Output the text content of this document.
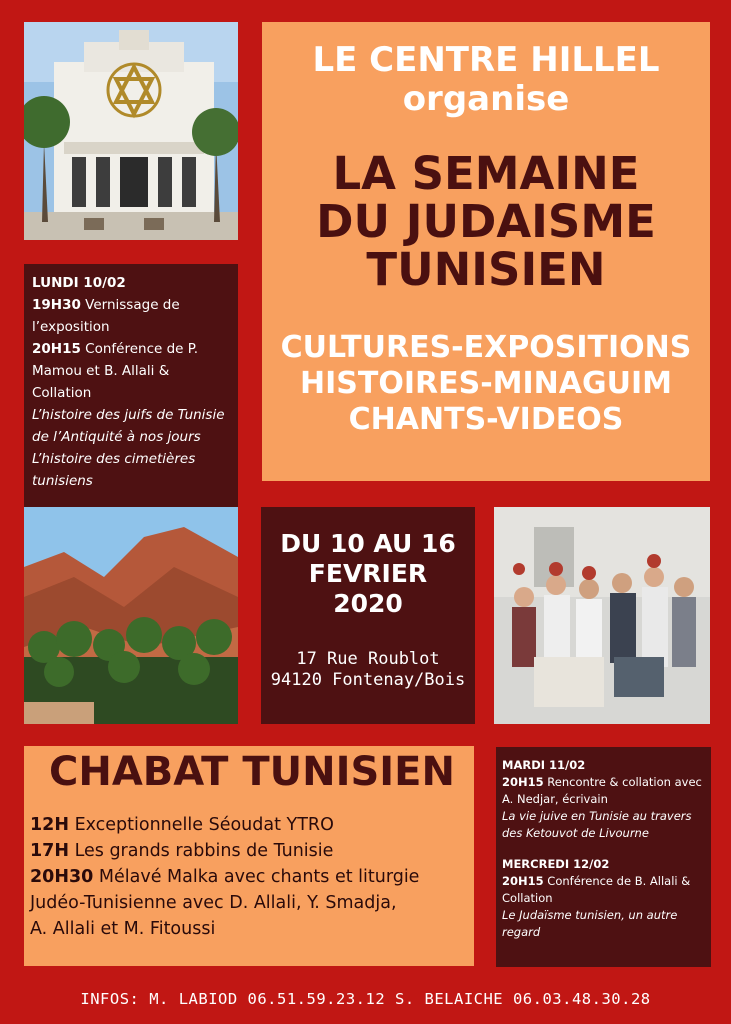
LE CENTRE HILLEL
organise
LA SEMAINE
DU JUDAISME
TUNISIEN
CULTURES-EXPOSITIONS
HISTOIRES-MINAGUIM
CHANTS-VIDEOS
LUNDI 10/02
19H30 Vernissage de l’exposition
20H15 Conférence de P. Mamou et B. Allali & Collation
L’histoire des juifs de Tunisie de l’Antiquité à nos jours
L’histoire des cimetières tunisiens
DU 10 AU 16
FEVRIER
2020
17 Rue Roublot
94120 Fontenay/Bois
CHABAT TUNISIEN
12H Exceptionnelle Séoudat YTRO
17H Les grands rabbins de Tunisie
20H30 Mélavé Malka avec chants et liturgie
Judéo-Tunisienne avec D. Allali, Y. Smadja,
A. Allali et M. Fitoussi
MARDI 11/02
20H15 Rencontre & collation avec A. Nedjar, écrivain
La vie juive en Tunisie au travers des Ketouvot de Livourne
MERCREDI 12/02
20H15 Conférence de B. Allali & Collation
Le Judaïsme tunisien, un autre regard
INFOS: M. LABIOD 06.51.59.23.12 S. BELAICHE 06.03.48.30.28
